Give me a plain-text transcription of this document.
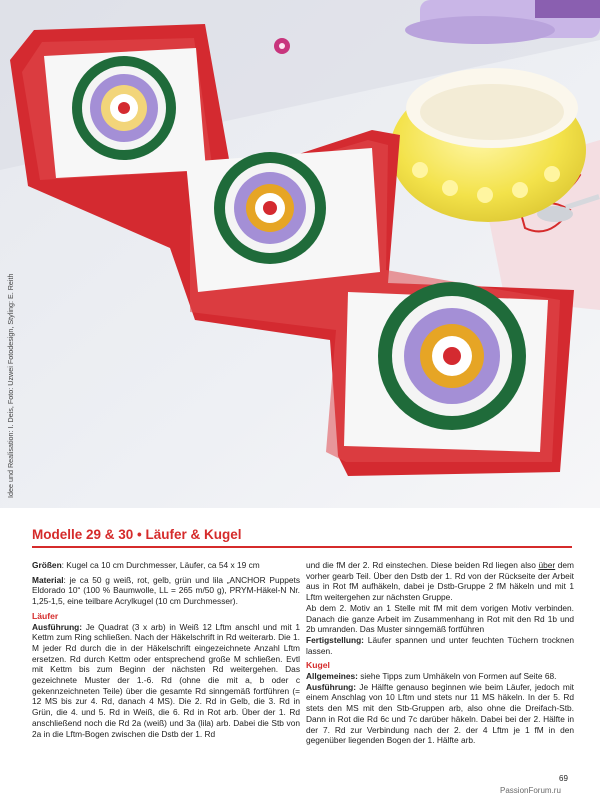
Idee und Realisation: I. Deis, Foto: Uzwei Fotodesign, Styling: E. Reith
Modelle 29 & 30 • Läufer & Kugel

Größen: Kugel ca 10 cm Durchmesser, Läufer, ca 54 x 19 cm

Material: je ca 50 g weiß, rot, gelb, grün und lila „ANCHOR Puppets Eldorado 10“ (100 % Baumwolle, LL = 265 m/50 g), PRYM-Häkel-N Nr. 1,25-1,5, eine teilbare Acrylkugel (10 cm Durchmesser).

Läufer

Ausführung: Je Quadrat (3 x arb) in Weiß 12 Lftm anschl und mit 1 Kettm zum Ring schließen. Nach der Häkelschrift in Rd weiterarb. Die 1. M jeder Rd durch die in der Häkelschrift eingezeichnete Anzahl Lftm ersetzen. Rd durch Kettm oder entsprechend große M schließen. Evtl mit Kettm bis zum Beginn der nächsten Rd weitergehen. Das gezeichnete Muster der 1.-6. Rd (ohne die mit a, b oder c gekennzeichneten Teile) über die gesamte Rd sinngemäß fortführen (= 12 MS bis zur 4. Rd, danach 4 MS). Die 2. Rd in Gelb, die 3. Rd in Grün, die 4. und 5. Rd in Weiß, die 6. Rd in Rot arb. Über der 1. Rd anschließend noch die Rd 2a (weiß) und 3a (lila) arb. Dabei die Stb von 2a in die Lftm-Bogen zwischen die Dstb der 1. Rd

und die fM der 2. Rd einstechen. Diese beiden Rd liegen also über dem vorher gearb Teil. Über den Dstb der 1. Rd von der Rückseite der Arbeit aus in Rot fM aufhäkeln, dabei je Dstb-Gruppe 2 fM häkeln und mit 1 Lftm weitergehen zur nächsten Gruppe.

Ab dem 2. Motiv an 1 Stelle mit fM mit dem vorigen Motiv verbinden. Danach die ganze Arbeit im Zusammenhang in Rot mit den Rd 1b und 2b umranden. Das Muster sinngemäß fortführen

Fertigstellung: Läufer spannen und unter feuchten Tüchern trocknen lassen.

Kugel

Allgemeines: siehe Tipps zum Umhäkeln von Formen auf Seite 68.

Ausführung: Je Hälfte genauso beginnen wie beim Läufer, jedoch mit einem Anschlag von 10 Lftm und stets nur 11 MS häkeln. In der 5. Rd stets den MS mit den Stb-Gruppen arb, also ohne die Dreifach-Stb. Dann in Rot die Rd 6c und 7c darüber häkeln. Dabei bei der 2. Hälfte in der 7. Rd zur Verbindung nach der 2. der 4 Lftm je 1 fM in den gegenüber liegenden Bogen der 1. Hälfte arb.

69
PassionForum.ru
